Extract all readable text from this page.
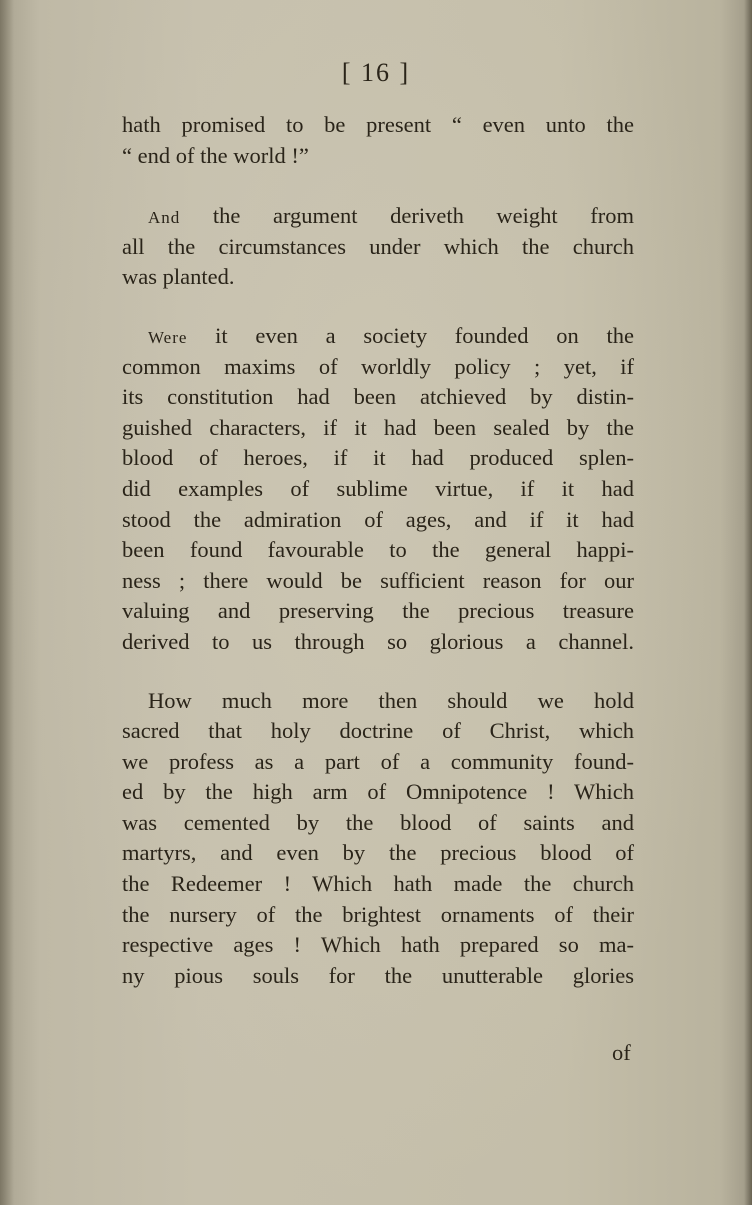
[ 16 ]
hath promised to be present “ even unto the
“ end of the world !”
And the argument deriveth weight from
all the circumstances under which the church
was planted.
Were it even a society founded on the
common maxims of worldly policy ; yet, if
its constitution had been atchieved by distin-
guished characters, if it had been sealed by the
blood of heroes, if it had produced splen-
did examples of sublime virtue, if it had
stood the admiration of ages, and if it had
been found favourable to the general happi-
ness ; there would be sufficient reason for our
valuing and preserving the precious treasure
derived to us through so glorious a channel.
How much more then should we hold
sacred that holy doctrine of Christ, which
we profess as a part of a community found-
ed by the high arm of Omnipotence ! Which
was cemented by the blood of saints and
martyrs, and even by the precious blood of
the Redeemer ! Which hath made the church
the nursery of the brightest ornaments of their
respective ages ! Which hath prepared so ma-
ny pious souls for the unutterable glories
of
